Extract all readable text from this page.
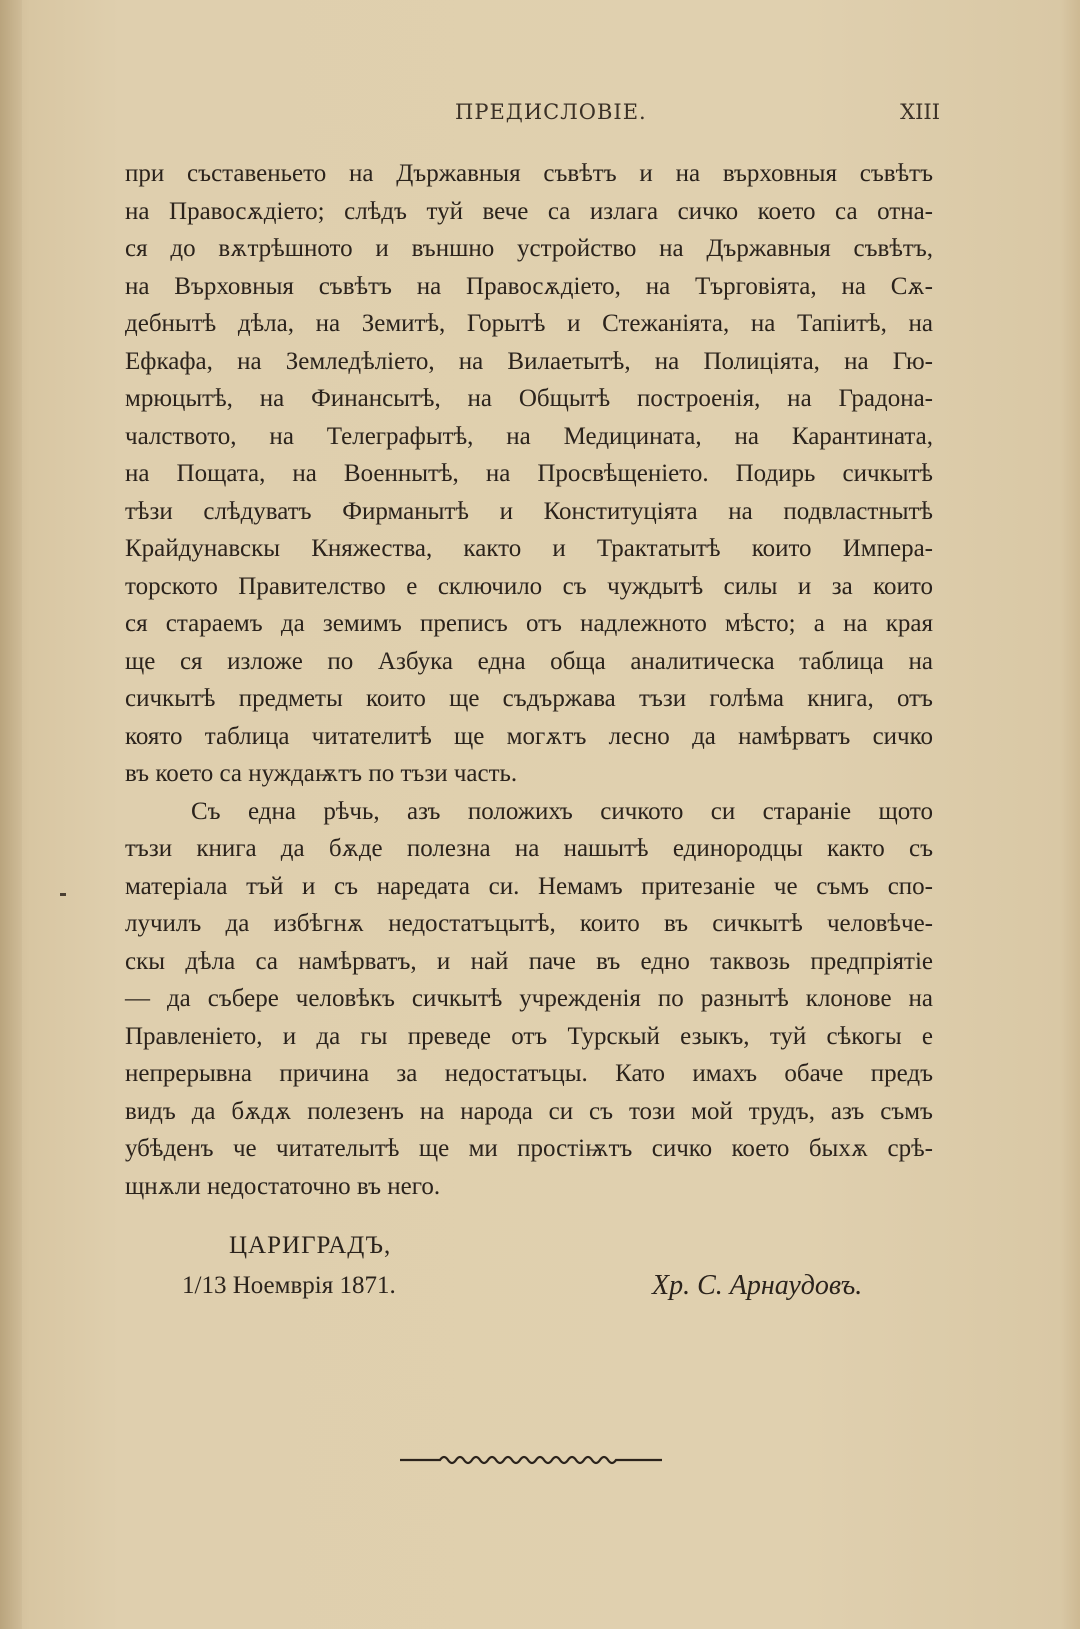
ПРЕДИСЛОВІЕ.	XIII
при съставеньето на Държавныя съвѣтъ и на върховныя съвѣтъ
на Правосѫдіето; слѣдъ туй вече са излага сичко което са отна-
ся до вѫтрѣшното и външно устройство на Държавныя съвѣтъ,
на Върховныя съвѣтъ на Правосѫдіето, на Търговіята, на Сѫ-
дебнытѣ дѣла, на Земитѣ, Горытѣ и Стежаніята, на Тапіитѣ, на
Ефкафа, на Земледѣліето, на Вилаетытѣ, на Полиціята, на Гю-
мрюцытѣ, на Финансытѣ, на Общытѣ построенія, на Градона-
чалството, на Телеграфытѣ, на Медицината, на Карантината,
на Пощата, на Военнытѣ, на Просвѣщеніето. Подирь сичкытѣ
тѣзи слѣдуватъ Фирманытѣ и Конституціята на подвластнытѣ
Крайдунавскы Княжества, както и Трактатытѣ които Импера-
торското Правителство е сключило съ чуждытѣ силы и за които
ся стараемъ да земимъ преписъ отъ надлежното мѣсто; а на края
ще ся изложе по Азбука една обща аналитическа таблица на
сичкытѣ предметы които ще съдържава тъзи голѣма книга, отъ
която таблица читателитѣ ще могѫтъ лесно да намѣрватъ сичко
въ което са нуждаѭтъ по тъзи часть.
Съ една рѣчь, азъ положихъ сичкото си стараніе щото
тъзи книга да бѫде полезна на нашытѣ единородцы както съ
матеріала тъй и съ наредата си. Немамъ притезаніе че съмъ спо-
лучилъ да избѣгнѫ недостатъцытѣ, които въ сичкытѣ человѣче-
скы дѣла са намѣрватъ, и най паче въ едно таквозь предпріятіе
— да събере человѣкъ сичкытѣ учрежденія по разнытѣ клонове на
Правленіето, и да гы преведе отъ Турскый езыкъ, туй сѣкогы е
непрерывна причина за недостатъцы. Като имахъ обаче предъ
видъ да бѫдѫ полезенъ на народа си съ този мой трудъ, азъ съмъ
убѣденъ че читателытѣ ще ми простіѭтъ сичко което быхѫ срѣ-
щнѫли недостаточно въ него.
ЦАРИГРАДЪ,
1/13 Ноемврія 1871.	Хр. С. Арнаудовъ.
